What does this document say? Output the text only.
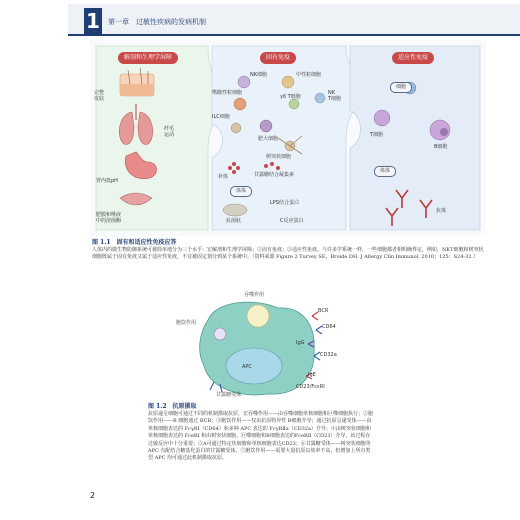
1 第一章　过敏性疾病的发病机制
解剖和生理学屏障	固有免疫	适应性免疫
完整
皮肤
纤毛
运动
胃内低pH
肥膜和唾液
中的溶菌酶
NK细胞	中性粒细胞
嗜酸性粒细胞
γδ T细胞
NK
T细胞
ILC细胞
肥大细胞
树突状细胞
补体	甘露糖结合凝集素
体体
LPS结合蛋白
抗菌肽	C反应蛋白
细胞
T细胞
B细胞
体体
抗体
图 1.1　固有和适应性免疫应答

人体内的微生物防御系统可被简单地分为三个水平：宏解剖和生理学屏障；②固有免疫；③适应性免疫。与许多学系统一样，一些细胞都者相明确界定，例如，NKT细胞和树突状细胞既属于固有免疫又属于适应性免疫，不宜被固定划分到某个系统中。（资料来源 Figure 2 Turvey SE，Broide DH. J Allergy Clin Immunol. 2010；125：S24-32.）

吞噬作用
胞饮作用
BCR
CD64
IgG
CD32a
APC
IgE
CD23/FcεRⅠ
甘露糖受体
图 1.2　抗原摄取

抗原递呈细胞可通过不同的机制摄取抗原，宏吞噬作用——由吞噬细胞单核细胞和巨噬细胞执行；②胞饮作用——B 细胞通过 BCR；③胞饮作用——仅由抗原特异性 B细胞介导；通过抗原呈递受体——由单核细胞表达的 FcγRI（CD64）和多种 APC 表达的 FcγRⅡa（CD32a）介导；④由树突状细胞和单核细胞表达的 FceRI 和由树突状细胞、巨噬细胞和B细胞表达的FceRⅡ（CD23）介导，该过程在过敏反应中十分重要；⑤A可通过特定状细胞和单核细胞表达CD23；⑥甘露糖受体——树突状细胞等 APC 有配结合糖基化蛋白的甘露糖受体，⑦胞饮作用——需要大量抗原以效率不高，但增加上所有类型 APC 均可通过此机制摄取抗原。

2
